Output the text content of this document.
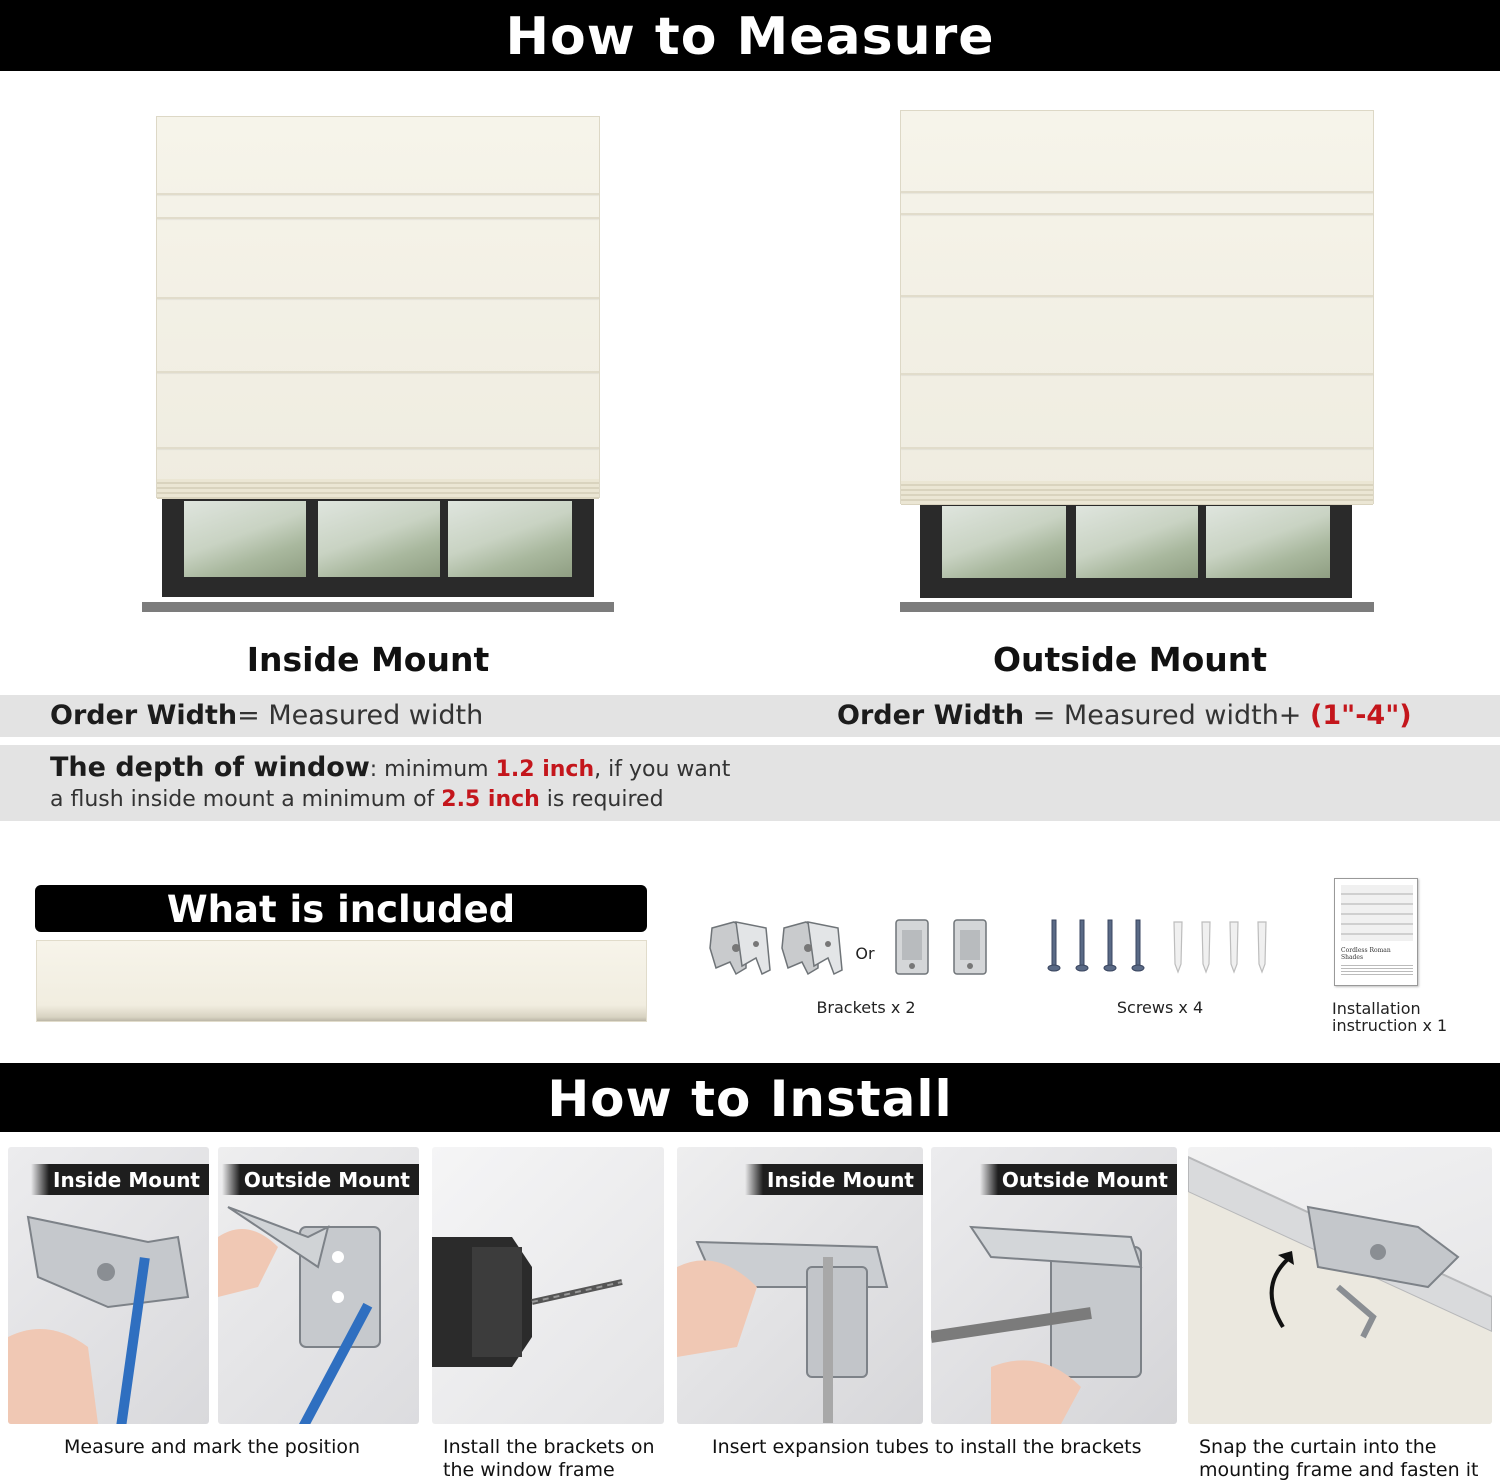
How to Measure
Inside Mount	Outside Mount
Order Width= Measured width	Order Width = Measured width+ (1"-4")
The depth of window: minimum 1.2 inch, if you want
a flush inside mount a minimum of 2.5 inch is required
What is included
Or
Brackets x 2	Screws x 4
Cordless Roman Shades
Installation
instruction x 1
How to Install
Inside Mount	Outside Mount
Measure and mark the position	Install the brackets on
the window frame
Inside Mount	Outside Mount
Insert expansion tubes to install the brackets	Snap the curtain into the
mounting frame and fasten it
